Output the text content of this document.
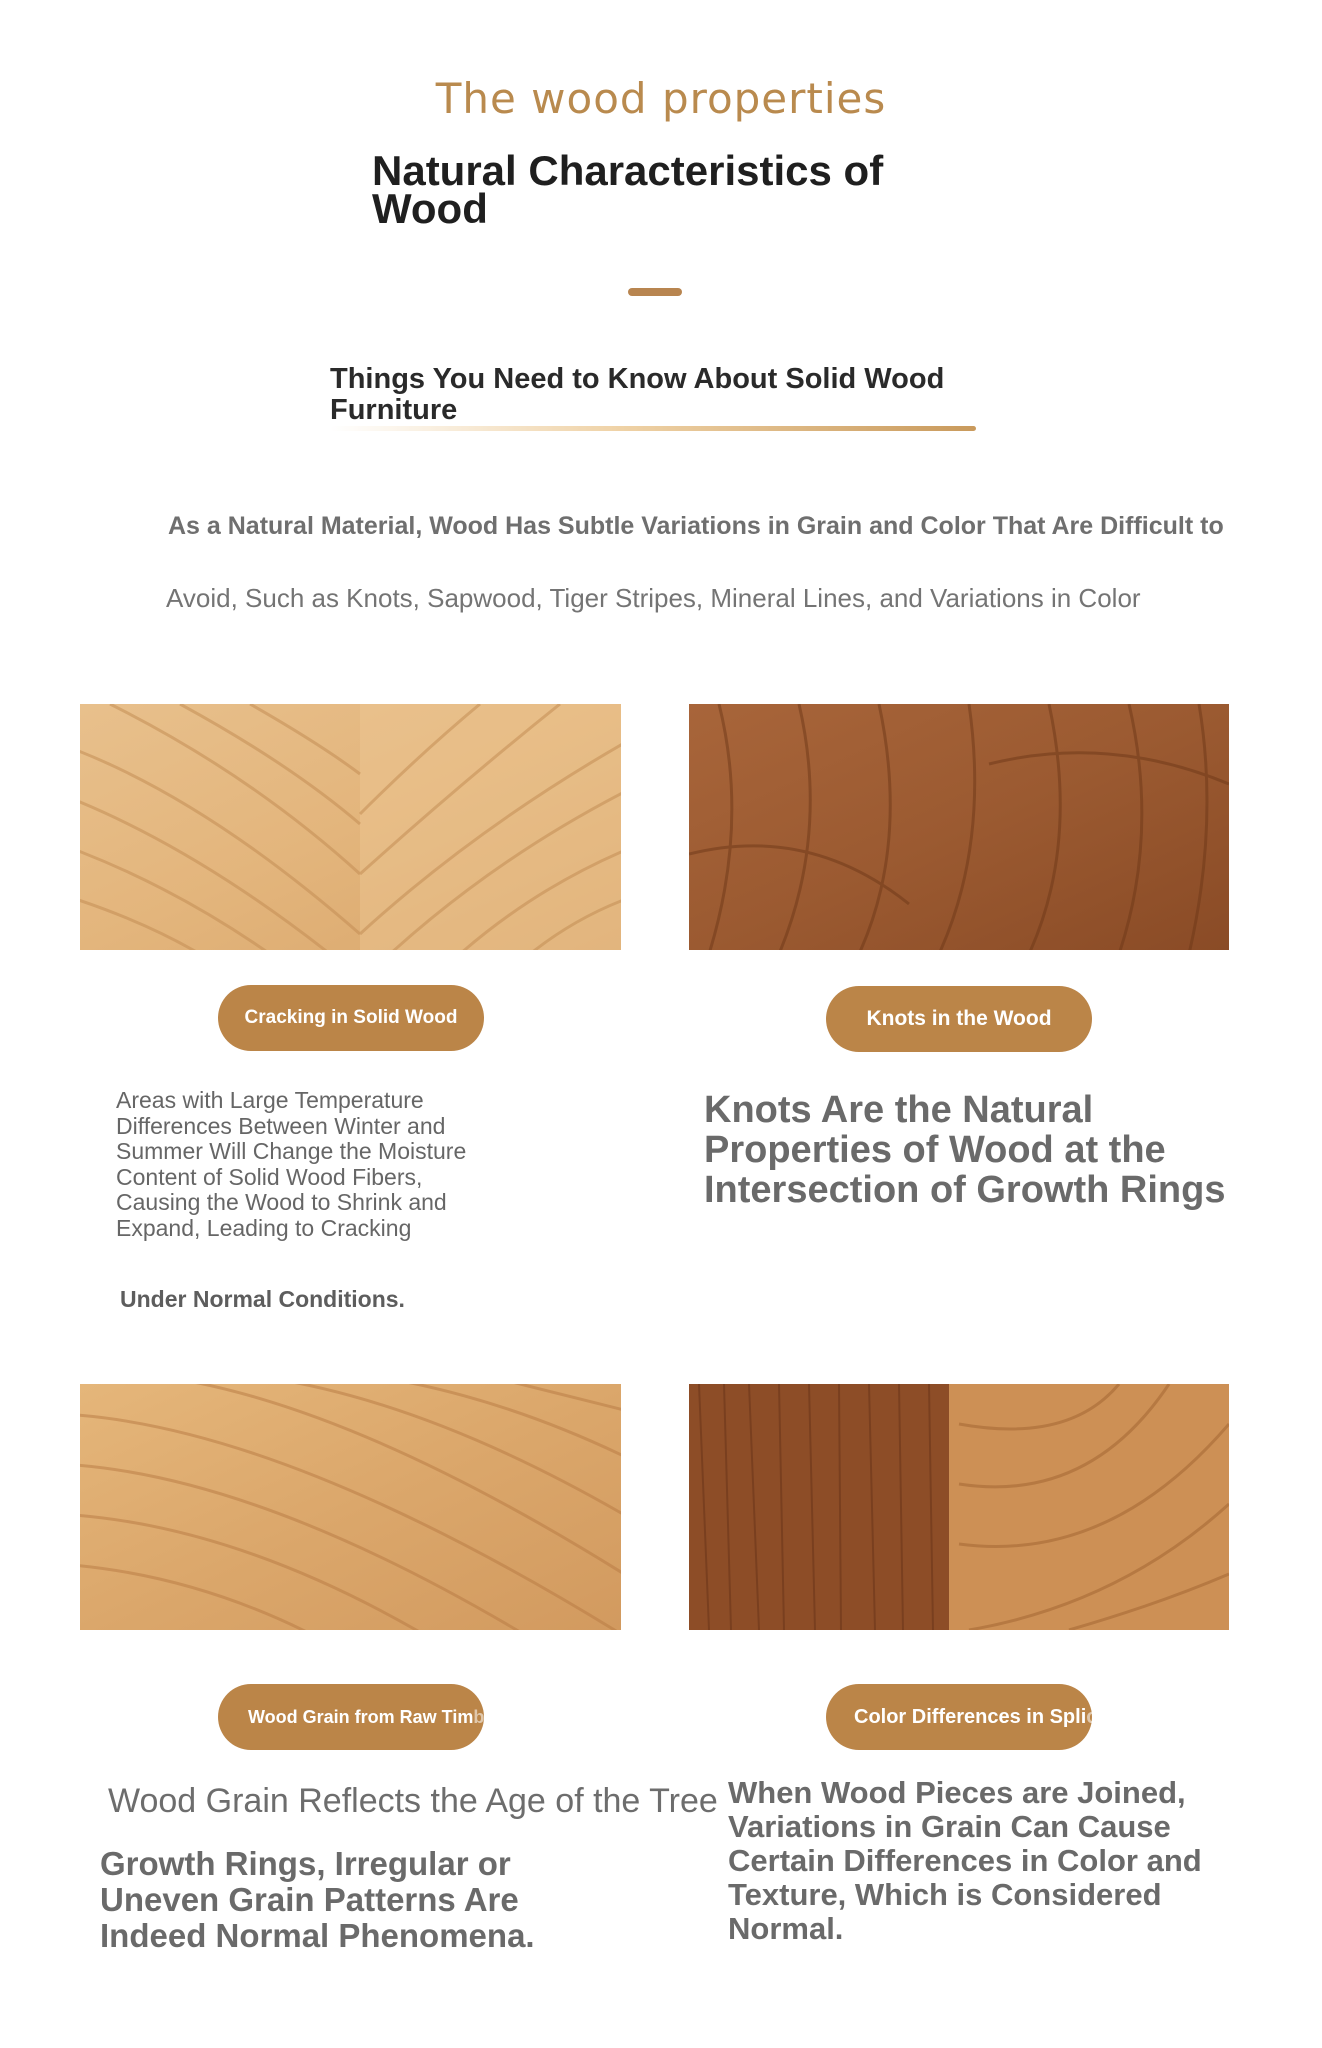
The wood properties
Natural Characteristics of Wood
Things You Need to Know About Solid Wood Furniture
As a Natural Material, Wood Has Subtle Variations in Grain and Color That Are Difficult to
Avoid, Such as Knots, Sapwood, Tiger Stripes, Mineral Lines, and Variations in Color
Cracking in Solid Wood
Areas with Large Temperature Differences Between Winter and Summer Will Change the Moisture Content of Solid Wood Fibers, Causing the Wood to Shrink and Expand, Leading to Cracking
Under Normal Conditions.
Knots in the Wood
Knots Are the Natural Properties of Wood at the Intersection of Growth Rings
Wood Grain from Raw Tim ber
Wood Grain Reflects the Age of the Tree
Growth Rings, Irregular or Uneven Grain Patterns Are Indeed Normal Phenomena.
Color Differences in Spli cing
When Wood Pieces are Joined, Variations in Grain Can Cause Certain Differences in Color and Texture, Which is Considered Normal.
